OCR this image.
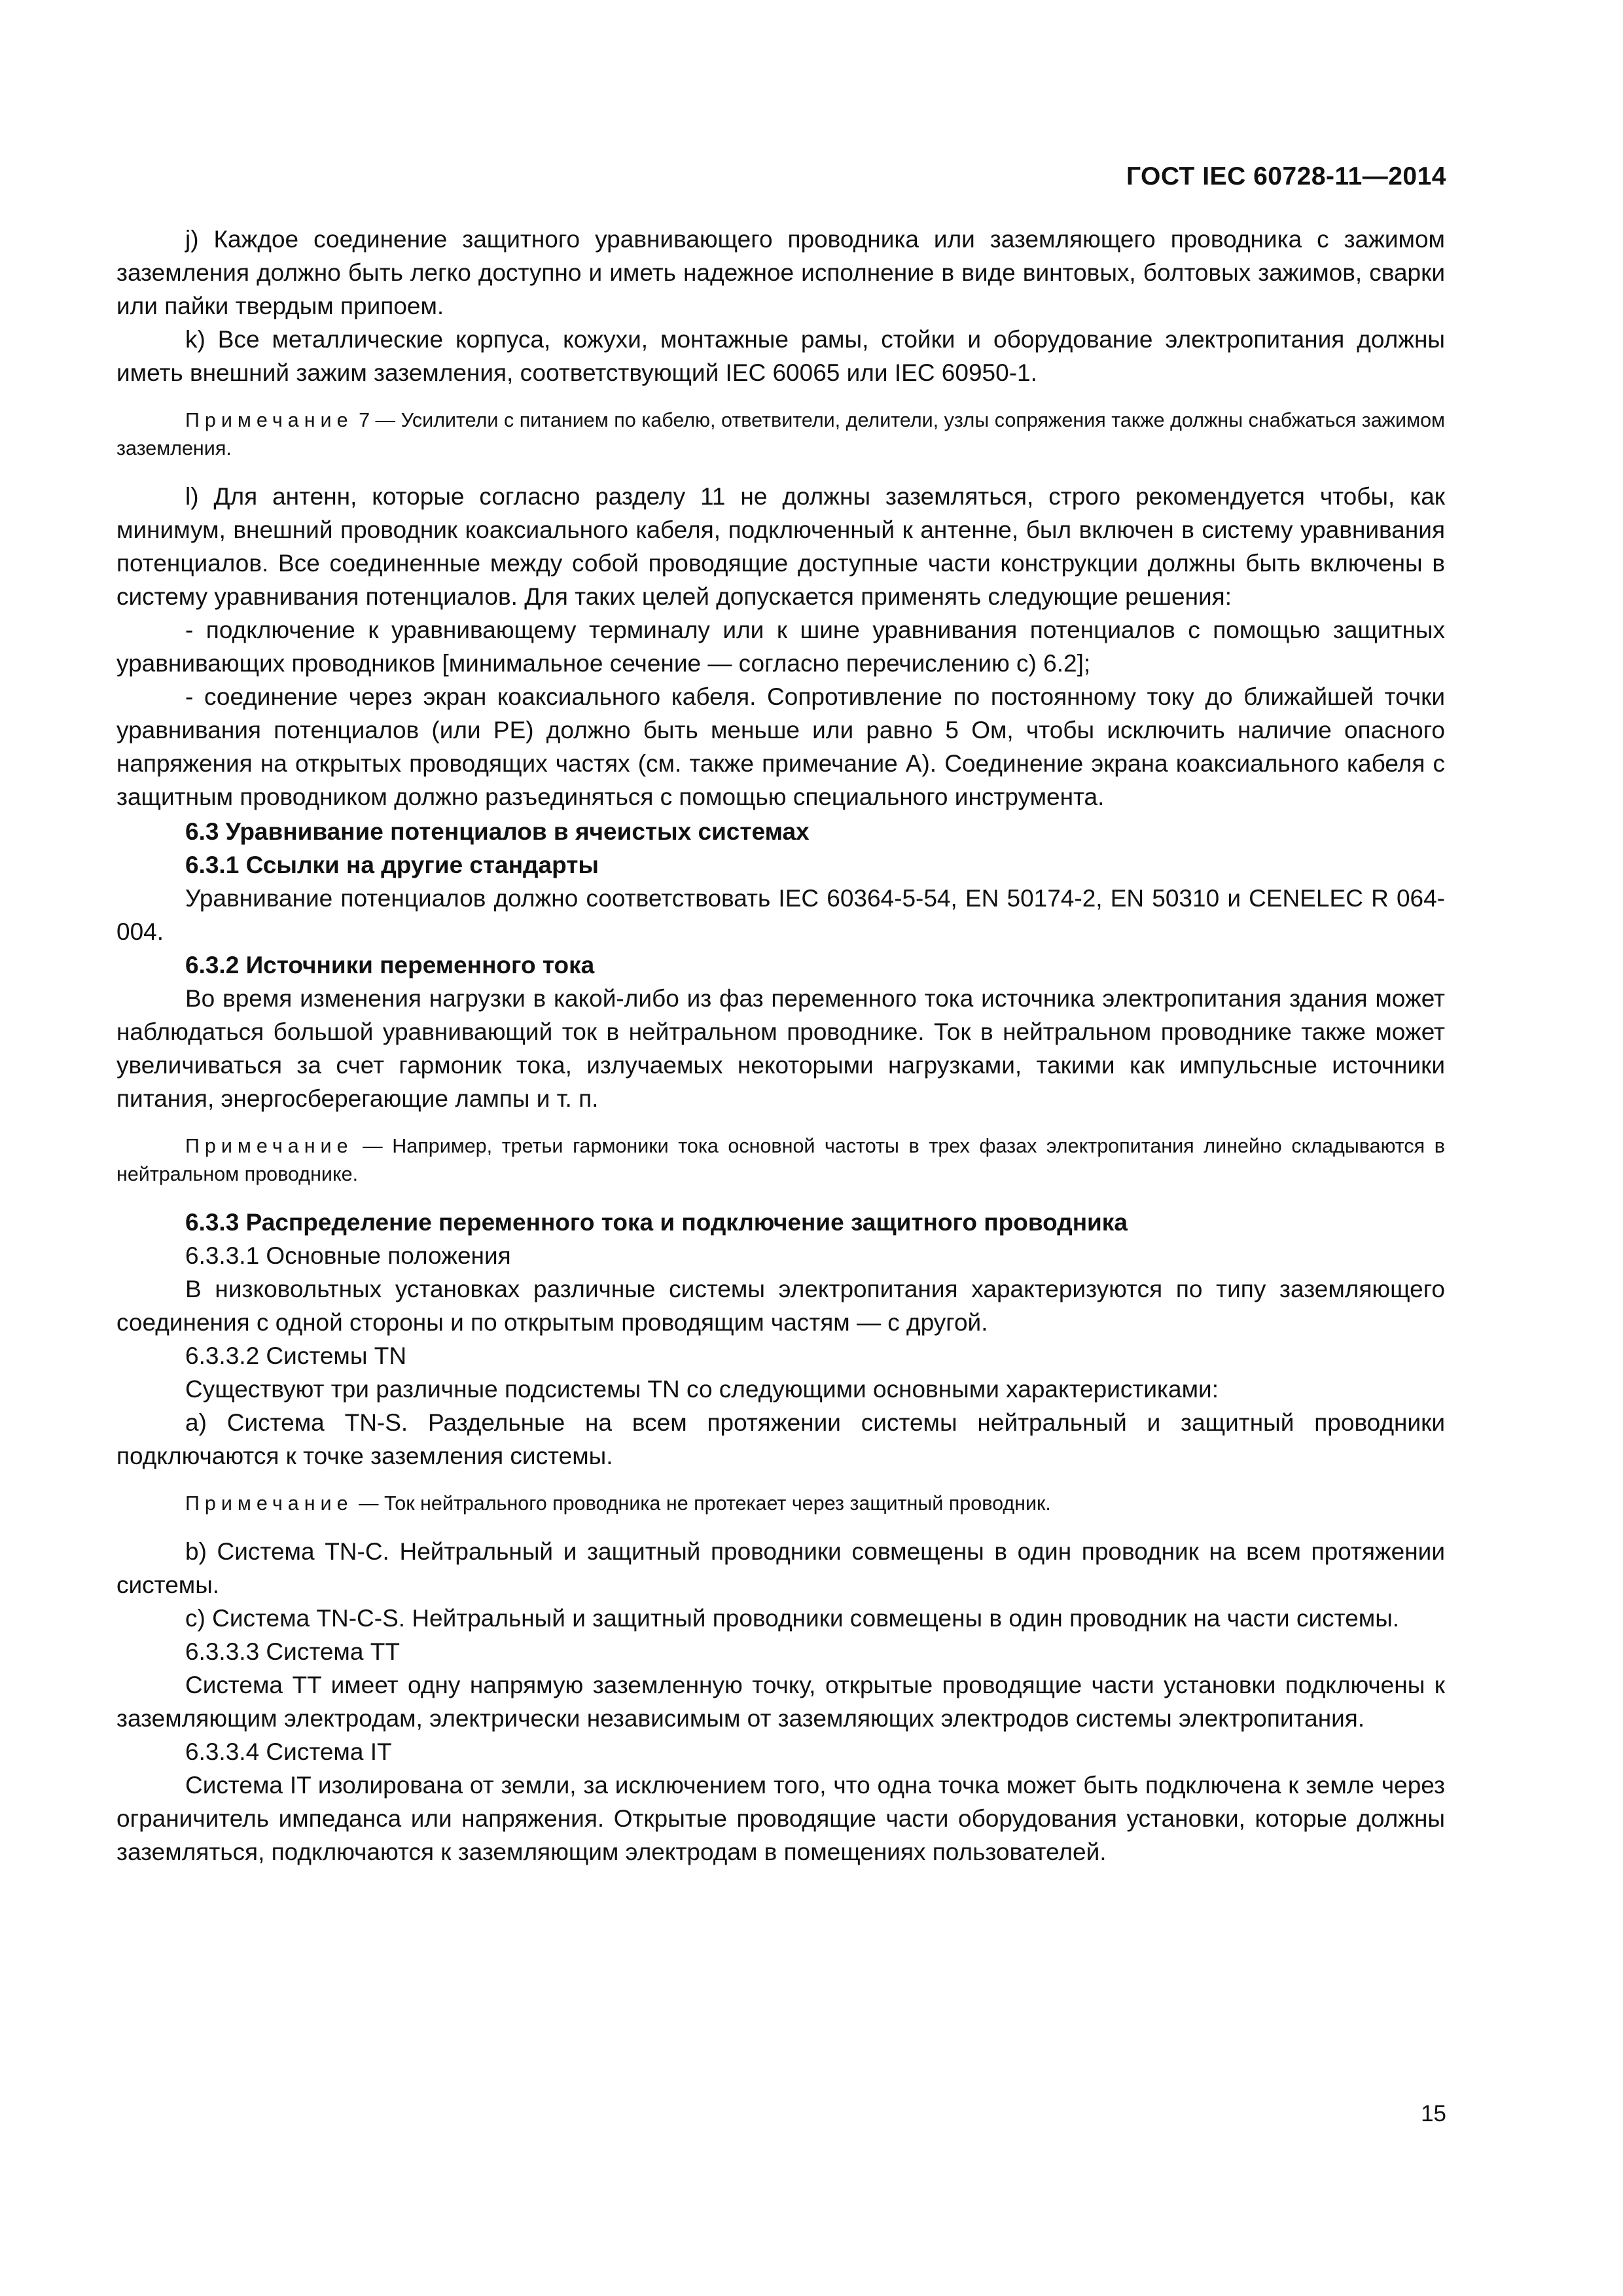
ГОСТ IEC 60728-11—2014

j) Каждое соединение защитного уравнивающего проводника или заземляющего проводника с зажимом заземления должно быть легко доступно и иметь надежное исполнение в виде винтовых, болтовых зажимов, сварки или пайки твердым припоем.

k) Все металлические корпуса, кожухи, монтажные рамы, стойки и оборудование электропитания должны иметь внешний зажим заземления, соответствующий IEC 60065 или IEC 60950-1.

Примечание 7 — Усилители с питанием по кабелю, ответвители, делители, узлы сопряжения также должны снабжаться зажимом заземления.

l) Для антенн, которые согласно разделу 11 не должны заземляться, строго рекомендуется чтобы, как минимум, внешний проводник коаксиального кабеля, подключенный к антенне, был включен в систему уравнивания потенциалов. Все соединенные между собой проводящие доступные части конструкции должны быть включены в систему уравнивания потенциалов. Для таких целей допускается применять следующие решения:

- подключение к уравнивающему терминалу или к шине уравнивания потенциалов с помощью защитных уравнивающих проводников [минимальное сечение — согласно перечислению с) 6.2];

- соединение через экран коаксиального кабеля. Сопротивление по постоянному току до ближайшей точки уравнивания потенциалов (или PE) должно быть меньше или равно 5 Ом, чтобы исключить наличие опасного напряжения на открытых проводящих частях (см. также примечание А). Соединение экрана коаксиального кабеля с защитным проводником должно разъединяться с помощью специального инструмента.

6.3 Уравнивание потенциалов в ячеистых системах

6.3.1 Ссылки на другие стандарты

Уравнивание потенциалов должно соответствовать IEC 60364-5-54, EN 50174-2, EN 50310 и CENELEC R 064-004.

6.3.2 Источники переменного тока

Во время изменения нагрузки в какой-либо из фаз переменного тока источника электропитания здания может наблюдаться большой уравнивающий ток в нейтральном проводнике. Ток в нейтральном проводнике также может увеличиваться за счет гармоник тока, излучаемых некоторыми нагрузками, такими как импульсные источники питания, энергосберегающие лампы и т. п.

Примечание — Например, третьи гармоники тока основной частоты в трех фазах электропитания линейно складываются в нейтральном проводнике.

6.3.3 Распределение переменного тока и подключение защитного проводника

6.3.3.1 Основные положения

В низковольтных установках различные системы электропитания характеризуются по типу заземляющего соединения с одной стороны и по открытым проводящим частям — с другой.

6.3.3.2 Системы TN

Существуют три различные подсистемы TN со следующими основными характеристиками:

a) Система TN-S. Раздельные на всем протяжении системы нейтральный и защитный проводники подключаются к точке заземления системы.

Примечание — Ток нейтрального проводника не протекает через защитный проводник.

b) Система TN-C. Нейтральный и защитный проводники совмещены в один проводник на всем протяжении системы.

c) Система TN-C-S. Нейтральный и защитный проводники совмещены в один проводник на части системы.

6.3.3.3 Система TT

Система TT имеет одну напрямую заземленную точку, открытые проводящие части установки подключены к заземляющим электродам, электрически независимым от заземляющих электродов системы электропитания.

6.3.3.4 Система IT

Система IT изолирована от земли, за исключением того, что одна точка может быть подключена к земле через ограничитель импеданса или напряжения. Открытые проводящие части оборудования установки, которые должны заземляться, подключаются к заземляющим электродам в помещениях пользователей.

15
